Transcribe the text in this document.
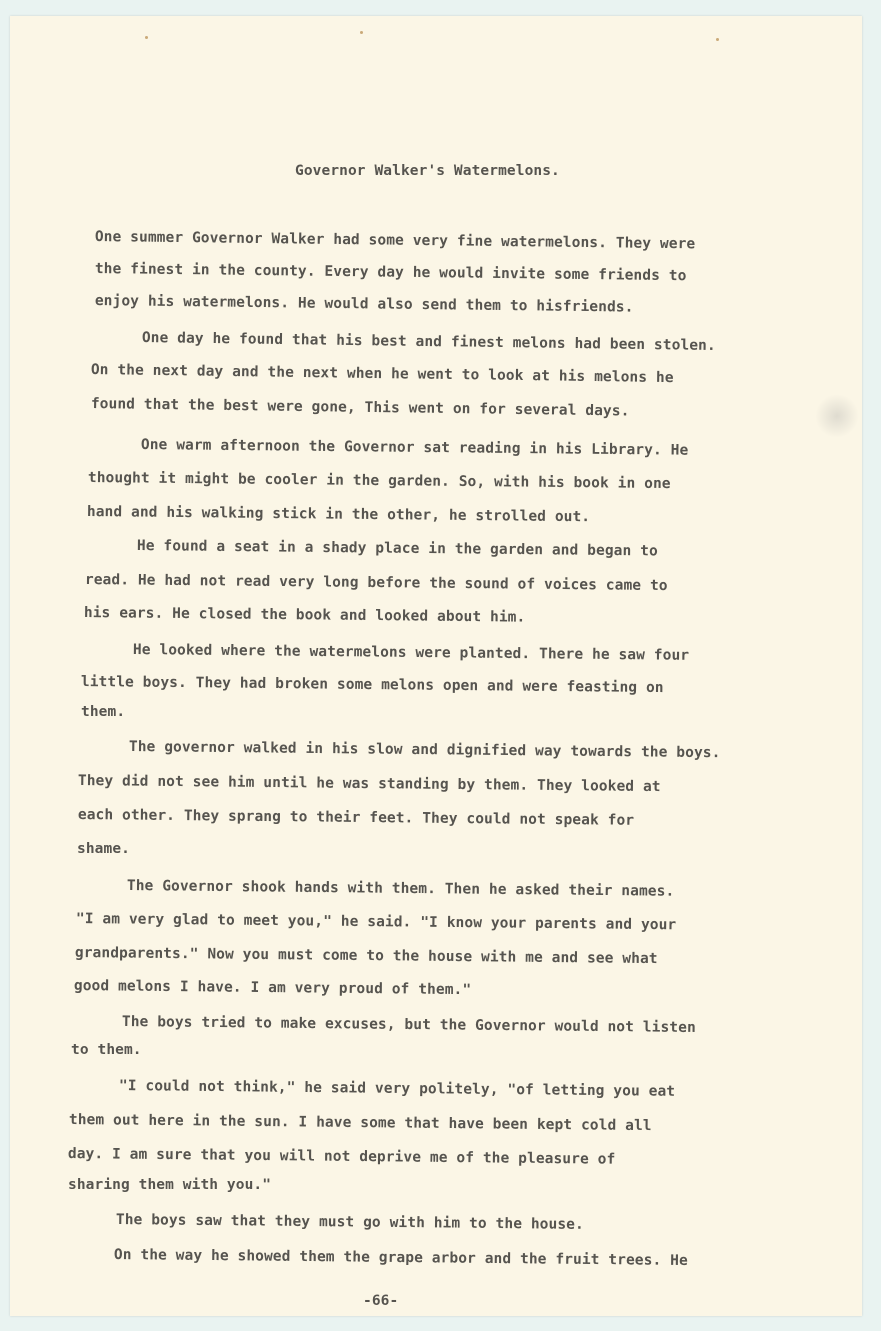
Governor Walker's Watermelons.
One summer Governor Walker had some very fine watermelons. They were
the finest in the county. Every day he would invite some friends to
enjoy his watermelons. He would also send them to hisfriends.
One day he found that his best and finest melons had been stolen.
On the next day and the next when he went to look at his melons he
found that the best were gone, This went on for several days.
One warm afternoon the Governor sat reading in his Library. He
thought it might be cooler in the garden. So, with his book in one
hand and his walking stick in the other, he strolled out.
He found a seat in a shady place in the garden and began to
read. He had not read very long before the sound of voices came to
his ears. He closed the book and looked about him.
He looked where the watermelons were planted. There he saw four
little boys. They had broken some melons open and were feasting on
them.
The governor walked in his slow and dignified way towards the boys.
They did not see him until he was standing by them. They looked at
each other. They sprang to their feet. They could not speak for
shame.
The Governor shook hands with them. Then he asked their names.
"I am very glad to meet you," he said. "I know your parents and your
grandparents." Now you must come to the house with me and see what
good melons I have. I am very proud of them."
The boys tried to make excuses, but the Governor would not listen
to them.
"I could not think," he said very politely, "of letting you eat
them out here in the sun. I have some that have been kept cold all
day. I am sure that you will not deprive me of the pleasure of
sharing them with you."
The boys saw that they must go with him to the house.
On the way he showed them the grape arbor and the fruit trees. He
-66-
